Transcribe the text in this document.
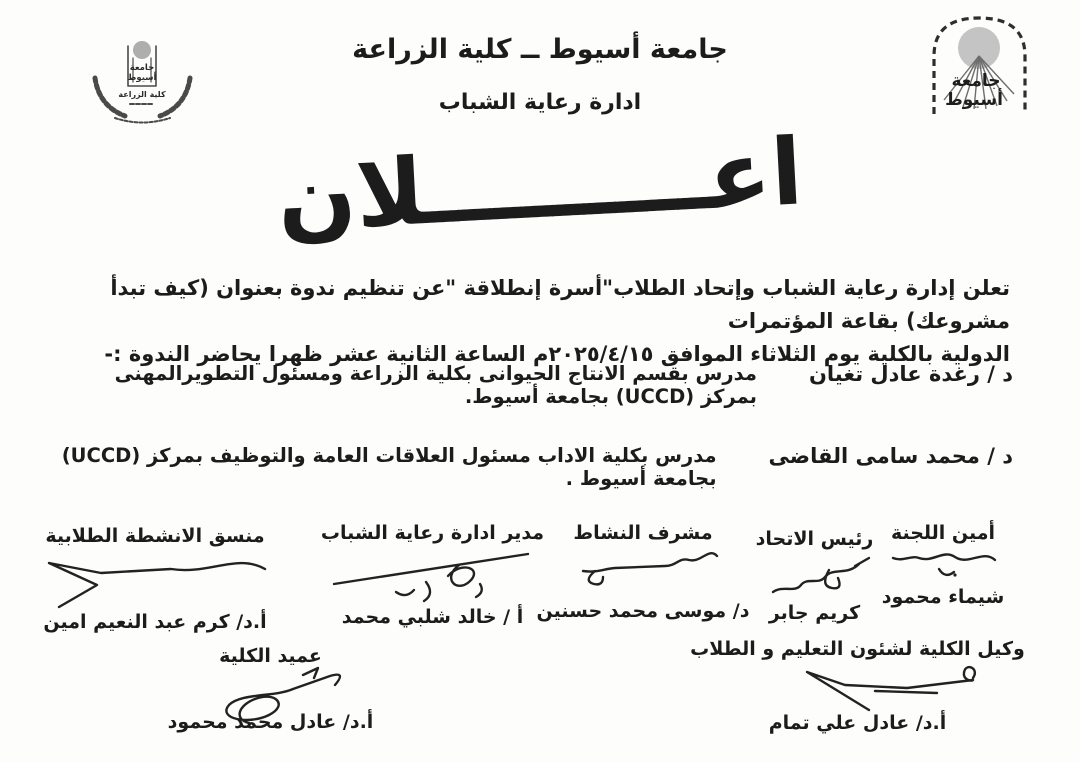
جامعة
أسيوط
كلية الزراعة
جامعة
أسيوط
جامعة أسيوط ــ كلية الزراعة
ادارة رعاية الشباب
اعـــــــــلان
تعلن إدارة رعاية الشباب وإتحاد الطلاب"أسرة إنطلاقة "عن تنظيم ندوة بعنوان (كيف تبدأ مشروعك) بقاعة المؤتمرات
الدولية بالكلية يوم الثلاثاء الموافق ٢٠٢٥/٤/١٥م الساعة الثانية عشر ظهرا يحاضر الندوة :-
د / رغدة عادل تغيان
مدرس بقسم الانتاج الحيوانى بكلية الزراعة ومسئول التطويرالمهنى بمركز (UCCD) بجامعة أسيوط.
د / محمد سامى القاضى
مدرس بكلية الاداب مسئول العلاقات العامة والتوظيف بمركز (UCCD) بجامعة أسيوط .
أمين اللجنة
شيماء محمود
رئيس الاتحاد
كريم جابر
مشرف النشاط
د/ موسى محمد حسنين
مدير ادارة رعاية الشباب
أ / خالد شلبي محمد
منسق الانشطة الطلابية
أ.د/ كرم عبد النعيم امين
وكيل الكلية لشئون التعليم و الطلاب
أ.د/ عادل علي تمام
عميد الكلية
أ.د/ عادل محمد محمود
